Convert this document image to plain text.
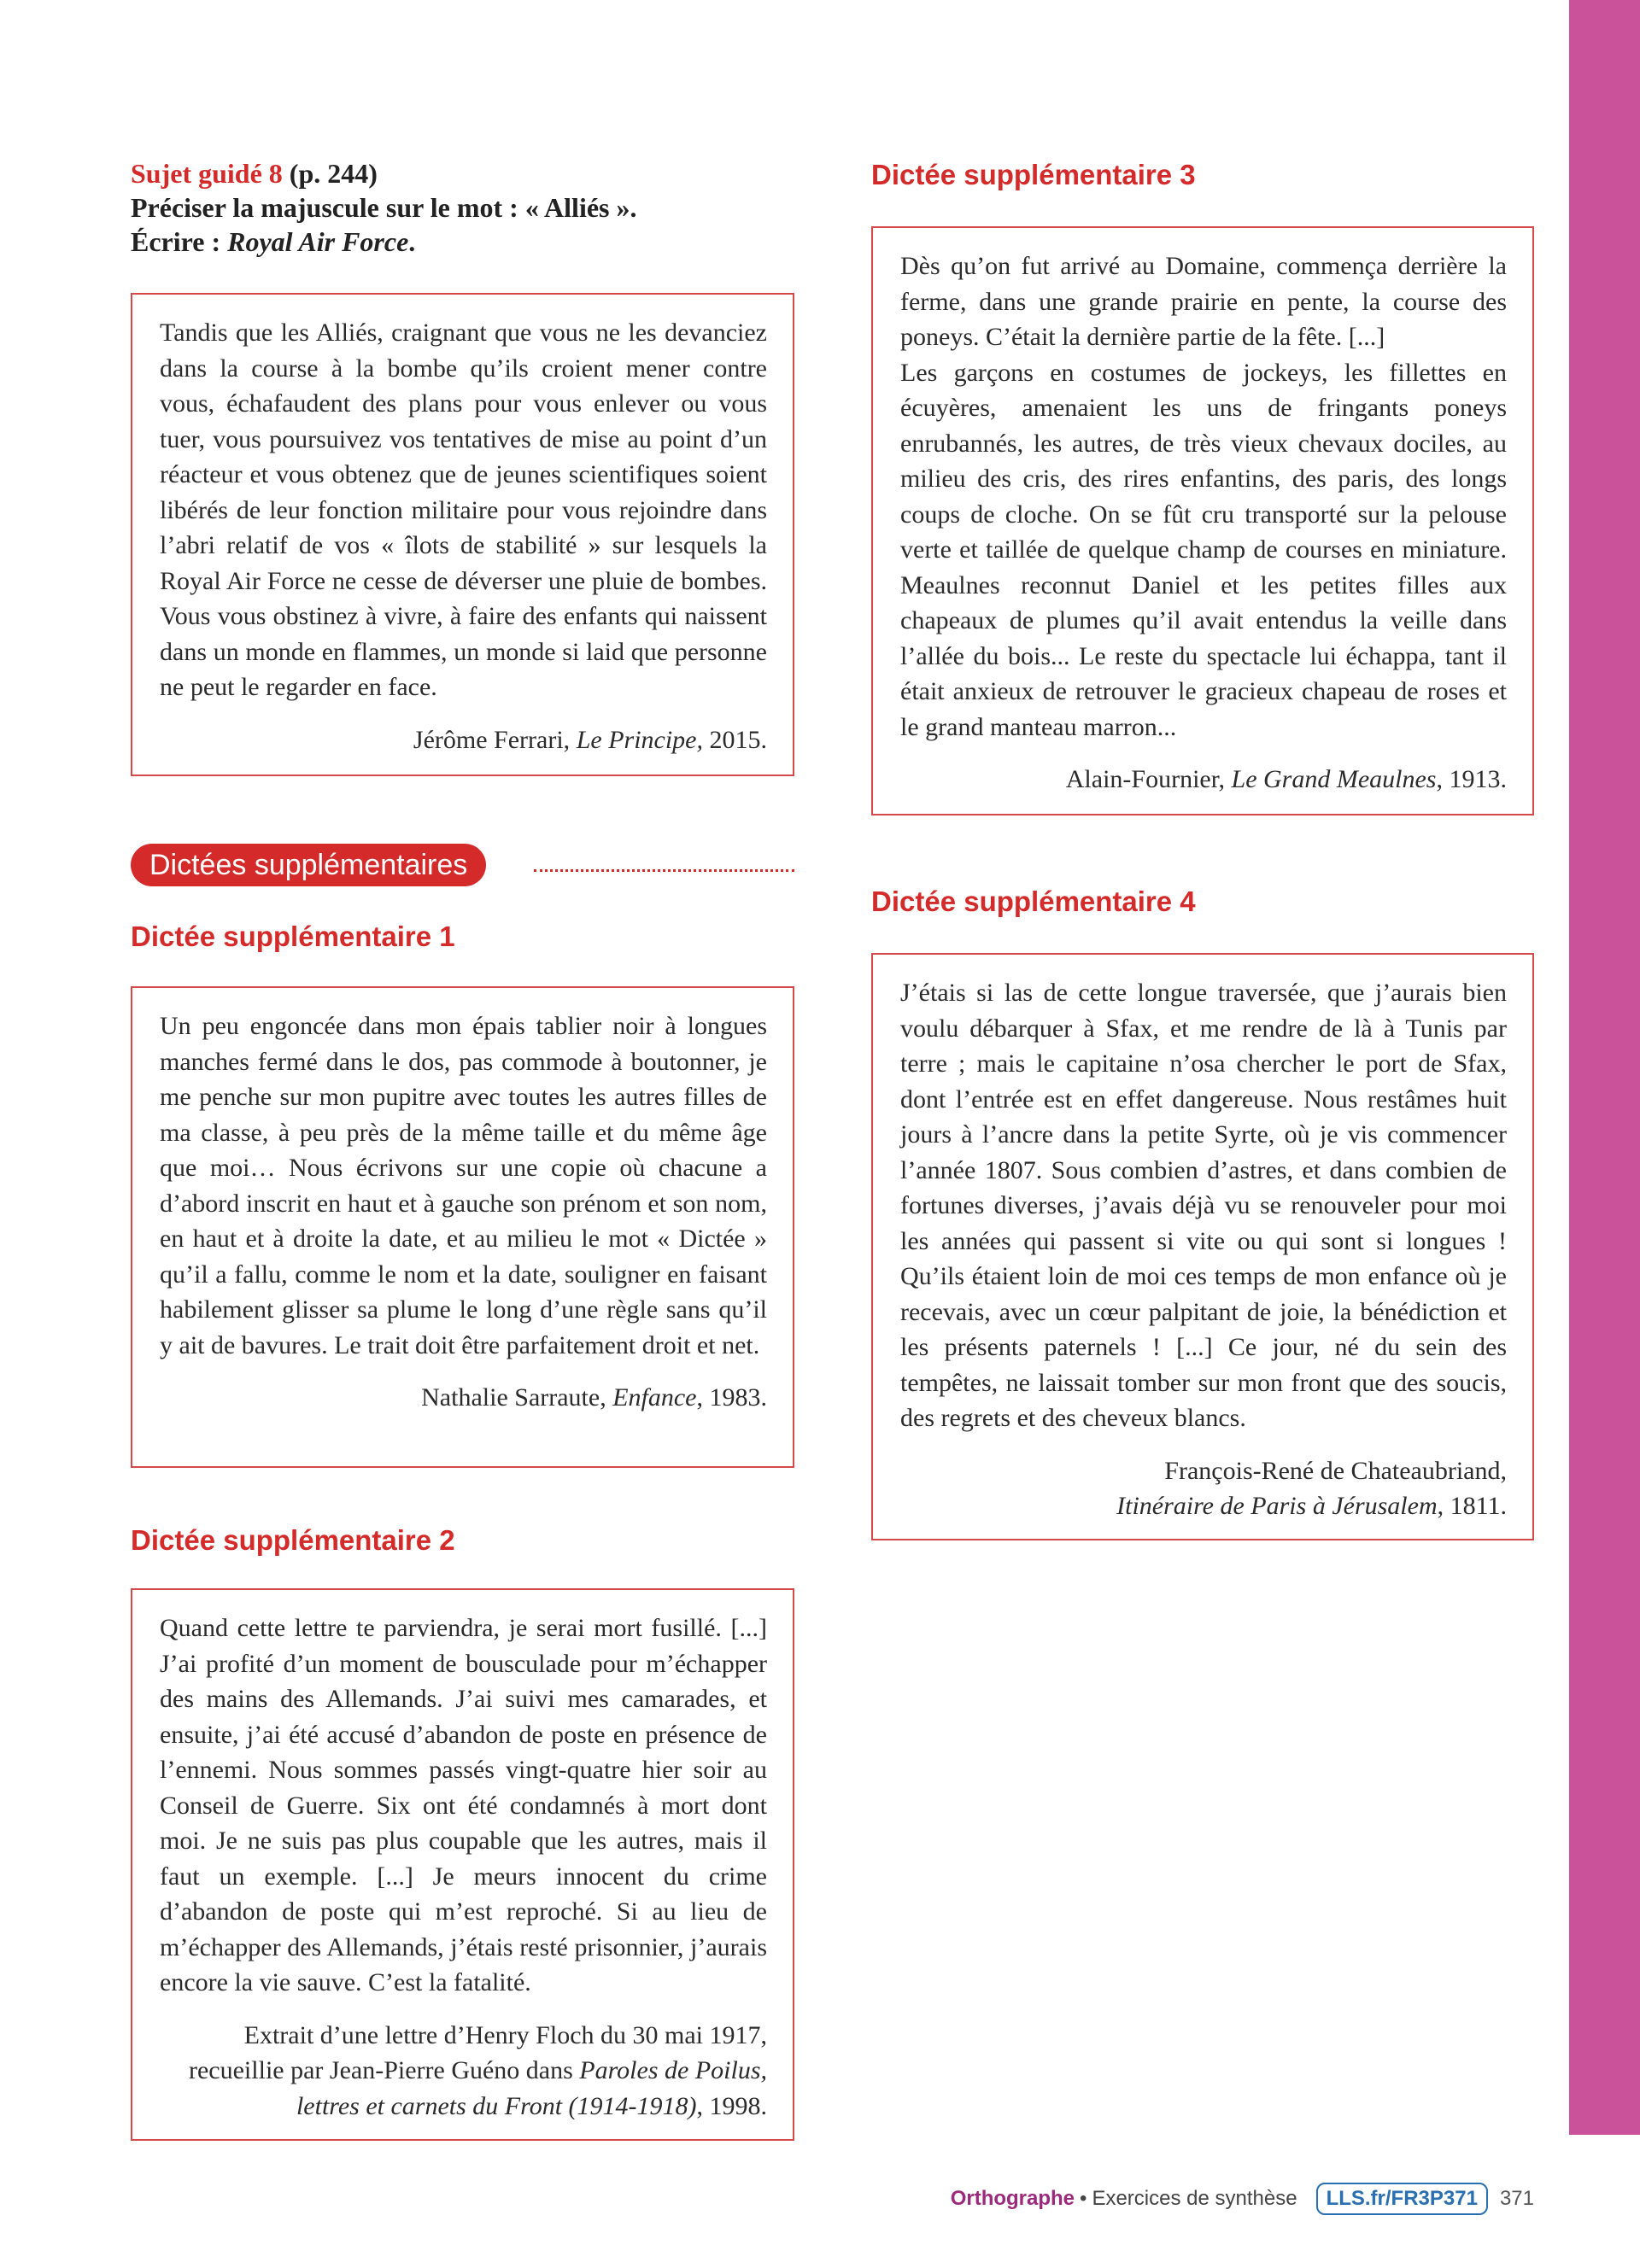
Sujet guidé 8 (p. 244)
Préciser la majuscule sur le mot : « Alliés ».
Écrire : Royal Air Force.

Tandis que les Alliés, craignant que vous ne les devanciez dans la course à la bombe qu’ils croient mener contre vous, échafaudent des plans pour vous enlever ou vous tuer, vous poursuivez vos tentatives de mise au point d’un réacteur et vous obtenez que de jeunes scientifiques soient libérés de leur fonction militaire pour vous rejoindre dans l’abri relatif de vos « îlots de stabilité » sur lesquels la Royal Air Force ne cesse de déverser une pluie de bombes. Vous vous obstinez à vivre, à faire des enfants qui naissent dans un monde en flammes, un monde si laid que personne ne peut le regarder en face.

Jérôme Ferrari, Le Principe, 2015.
Dictées supplémentaires
Dictée supplémentaire 1

Un peu engoncée dans mon épais tablier noir à longues manches fermé dans le dos, pas commode à boutonner, je me penche sur mon pupitre avec toutes les autres filles de ma classe, à peu près de la même taille et du même âge que moi… Nous écrivons sur une copie où chacune a d’abord inscrit en haut et à gauche son prénom et son nom, en haut et à droite la date, et au milieu le mot « Dictée » qu’il a fallu, comme le nom et la date, souligner en faisant habilement glisser sa plume le long d’une règle sans qu’il y ait de bavures. Le trait doit être parfaitement droit et net.

Nathalie Sarraute, Enfance, 1983.
Dictée supplémentaire 2

Quand cette lettre te parviendra, je serai mort fusillé. [...] J’ai profité d’un moment de bousculade pour m’échapper des mains des Allemands. J’ai suivi mes camarades, et ensuite, j’ai été accusé d’abandon de poste en présence de l’ennemi. Nous sommes passés vingt-quatre hier soir au Conseil de Guerre. Six ont été condamnés à mort dont moi. Je ne suis pas plus coupable que les autres, mais il faut un exemple. [...] Je meurs innocent du crime d’abandon de poste qui m’est reproché. Si au lieu de m’échapper des Allemands, j’étais resté prisonnier, j’aurais encore la vie sauve. C’est la fatalité.

Extrait d’une lettre d’Henry Floch du 30 mai 1917,
recueillie par Jean-Pierre Guéno dans Paroles de Poilus,
lettres et carnets du Front (1914-1918), 1998.
Dictée supplémentaire 3

Dès qu’on fut arrivé au Domaine, commença derrière la ferme, dans une grande prairie en pente, la course des poneys. C’était la dernière partie de la fête. [...]

Les garçons en costumes de jockeys, les fillettes en écuyères, amenaient les uns de fringants poneys enrubannés, les autres, de très vieux chevaux dociles, au milieu des cris, des rires enfantins, des paris, des longs coups de cloche. On se fût cru transporté sur la pelouse verte et taillée de quelque champ de courses en miniature. Meaulnes reconnut Daniel et les petites filles aux chapeaux de plumes qu’il avait entendus la veille dans l’allée du bois... Le reste du spectacle lui échappa, tant il était anxieux de retrouver le gracieux chapeau de roses et le grand manteau marron...

Alain-Fournier, Le Grand Meaulnes, 1913.
Dictée supplémentaire 4

J’étais si las de cette longue traversée, que j’aurais bien voulu débarquer à Sfax, et me rendre de là à Tunis par terre ; mais le capitaine n’osa chercher le port de Sfax, dont l’entrée est en effet dangereuse. Nous restâmes huit jours à l’ancre dans la petite Syrte, où je vis commencer l’année 1807. Sous combien d’astres, et dans combien de fortunes diverses, j’avais déjà vu se renouveler pour moi les années qui passent si vite ou qui sont si longues ! Qu’ils étaient loin de moi ces temps de mon enfance où je recevais, avec un cœur palpitant de joie, la bénédiction et les présents paternels ! [...] Ce jour, né du sein des tempêtes, ne laissait tomber sur mon front que des soucis, des regrets et des cheveux blancs.

François-René de Chateaubriand,
Itinéraire de Paris à Jérusalem, 1811.
Orthographe • Exercices de synthèse	LLS.fr/FR3P371	371
